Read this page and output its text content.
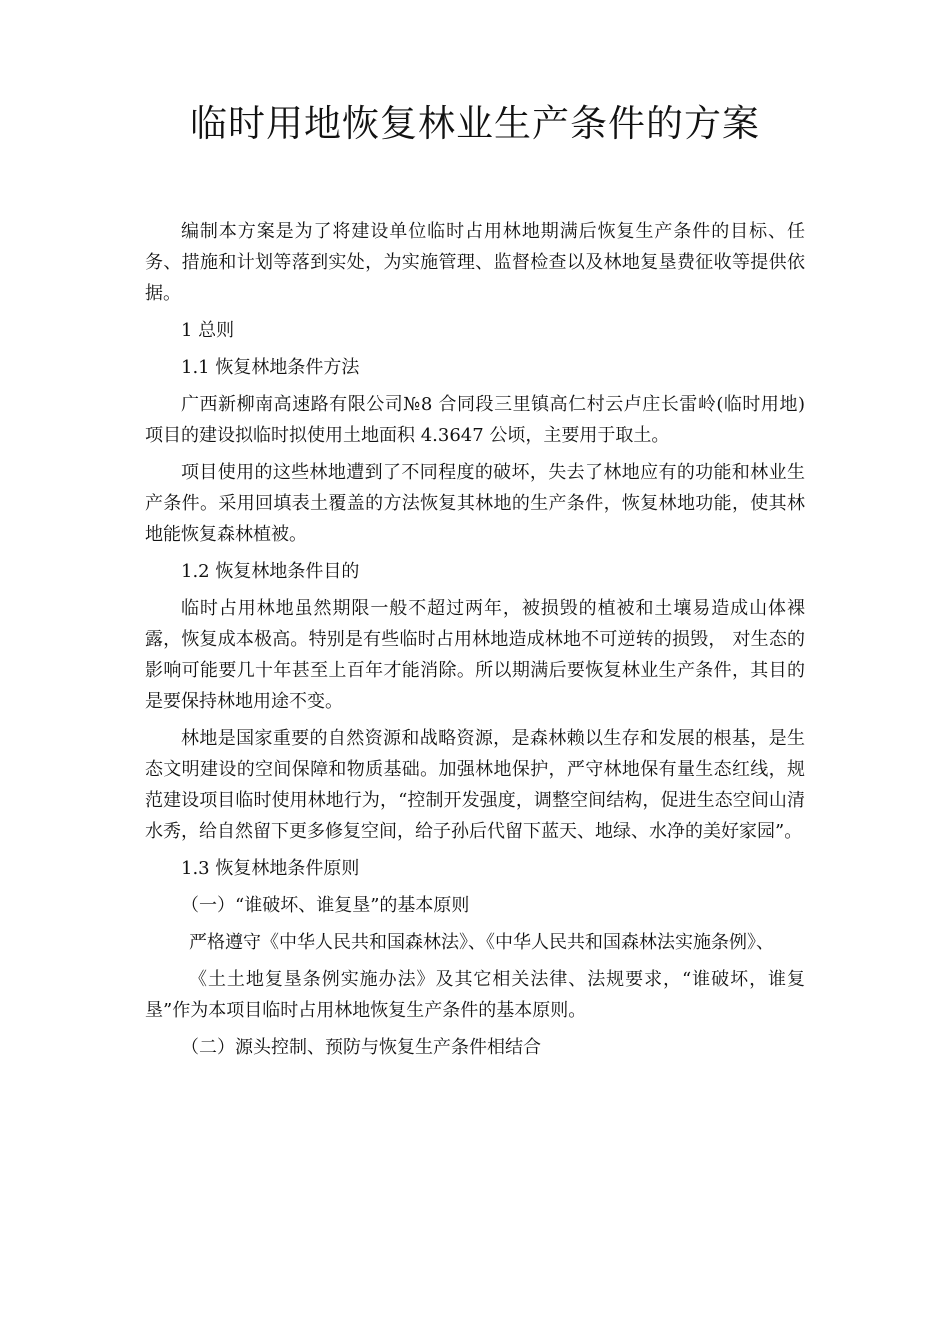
临时用地恢复林业生产条件的方案

编制本方案是为了将建设单位临时占用林地期满后恢复生产条件的目标、任务、措施和计划等落到实处，为实施管理、监督检查以及林地复垦费征收等提供依据。

1 总则

1.1 恢复林地条件方法

广西新柳南高速路有限公司№8 合同段三里镇高仁村云卢庄长雷岭(临时用地)项目的建设拟临时拟使用土地面积 4.3647 公顷，主要用于取土。

项目使用的这些林地遭到了不同程度的破坏，失去了林地应有的功能和林业生产条件。采用回填表土覆盖的方法恢复其林地的生产条件，恢复林地功能，使其林地能恢复森林植被。

1.2 恢复林地条件目的

临时占用林地虽然期限一般不超过两年，被损毁的植被和土壤易造成山体裸露，恢复成本极高。特别是有些临时占用林地造成林地不可逆转的损毁， 对生态的影响可能要几十年甚至上百年才能消除。所以期满后要恢复林业生产条件，其目的是要保持林地用途不变。

林地是国家重要的自然资源和战略资源，是森林赖以生存和发展的根基，是生态文明建设的空间保障和物质基础。加强林地保护，严守林地保有量生态红线，规范建设项目临时使用林地行为，“控制开发强度，调整空间结构，促进生态空间山清水秀，给自然留下更多修复空间，给子孙后代留下蓝天、地绿、水净的美好家园”。

1.3 恢复林地条件原则

（一）“谁破坏、谁复垦”的基本原则

严格遵守《中华人民共和国森林法》、《中华人民共和国森林法实施条例》、

《土土地复垦条例实施办法》及其它相关法律、法规要求，“谁破坏，谁复垦”作为本项目临时占用林地恢复生产条件的基本原则。

（二）源头控制、预防与恢复生产条件相结合
